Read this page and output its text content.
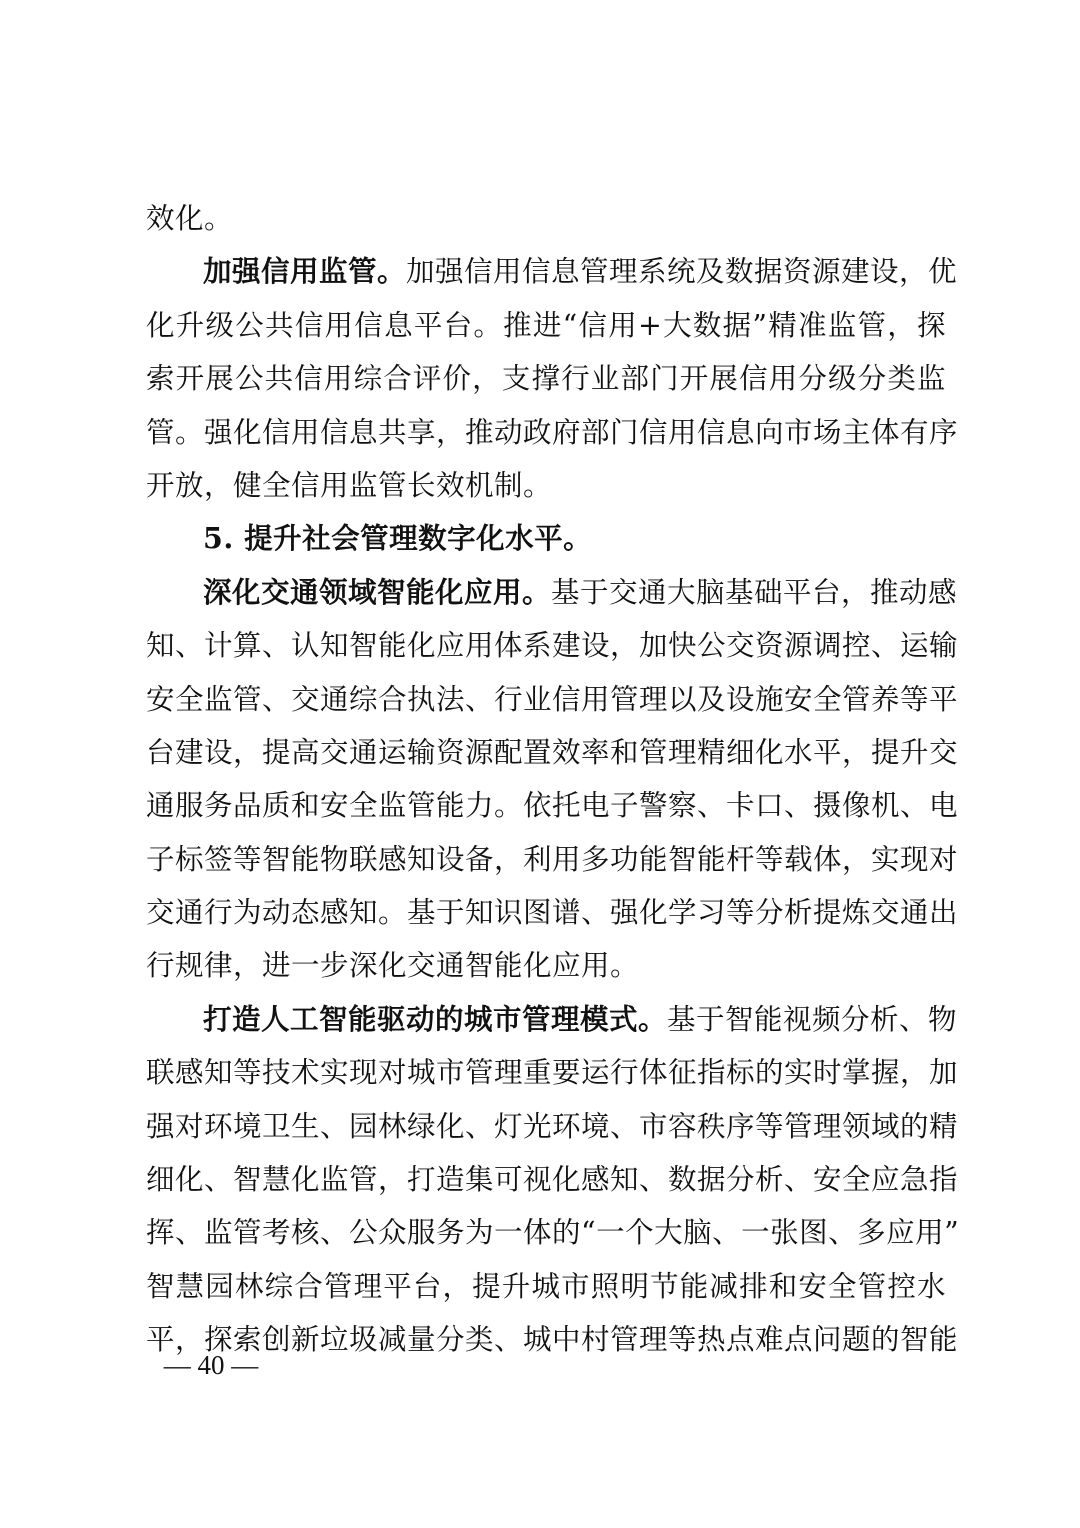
效化。
加强信用监管。加强信用信息管理系统及数据资源建设，优
化升级公共信用信息平台。推进“信用+大数据”精准监管，探
索开展公共信用综合评价，支撑行业部门开展信用分级分类监
管。强化信用信息共享，推动政府部门信用信息向市场主体有序
开放，健全信用监管长效机制。
5. 提升社会管理数字化水平。
深化交通领域智能化应用。基于交通大脑基础平台，推动感
知、计算、认知智能化应用体系建设，加快公交资源调控、运输
安全监管、交通综合执法、行业信用管理以及设施安全管养等平
台建设，提高交通运输资源配置效率和管理精细化水平，提升交
通服务品质和安全监管能力。依托电子警察、卡口、摄像机、电
子标签等智能物联感知设备，利用多功能智能杆等载体，实现对
交通行为动态感知。基于知识图谱、强化学习等分析提炼交通出
行规律，进一步深化交通智能化应用。
打造人工智能驱动的城市管理模式。基于智能视频分析、物
联感知等技术实现对城市管理重要运行体征指标的实时掌握，加
强对环境卫生、园林绿化、灯光环境、市容秩序等管理领域的精
细化、智慧化监管，打造集可视化感知、数据分析、安全应急指
挥、监管考核、公众服务为一体的“一个大脑、一张图、多应用”
智慧园林综合管理平台，提升城市照明节能减排和安全管控水
平，探索创新垃圾减量分类、城中村管理等热点难点问题的智能
— 40 —
